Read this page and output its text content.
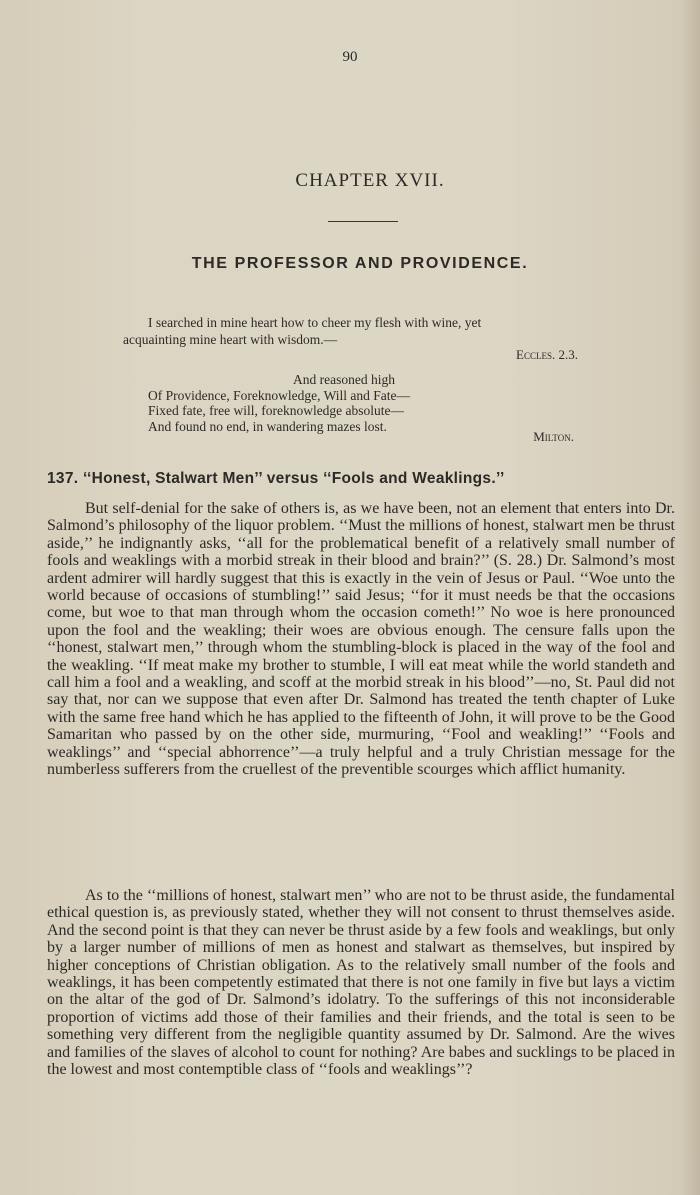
90
CHAPTER XVII.
THE PROFESSOR AND PROVIDENCE.
I searched in mine heart how to cheer my flesh with wine, yet
acquainting mine heart with wisdom.—
Eccles. 2.3.
And reasoned high
Of Providence, Foreknowledge, Will and Fate—
Fixed fate, free will, foreknowledge absolute—
And found no end, in wandering mazes lost.
Milton.
137. ‘‘Honest, Stalwart Men’’ versus ‘‘Fools and Weaklings.’’

But self-denial for the sake of others is, as we have been, not an element that enters into Dr. Salmond’s philosophy of the liquor problem. ‘‘Must the millions of honest, stalwart men be thrust aside,’’ he indignantly asks, ‘‘all for the problematical benefit of a relatively small number of fools and weaklings with a morbid streak in their blood and brain?’’ (S. 28.) Dr. Salmond’s most ardent admirer will hardly suggest that this is exactly in the vein of Jesus or Paul. ‘‘Woe unto the world because of occasions of stumbling!’’ said Jesus; ‘‘for it must needs be that the occasions come, but woe to that man through whom the occasion cometh!’’ No woe is here pronounced upon the fool and the weakling; their woes are obvious enough. The censure falls upon the ‘‘honest, stalwart men,’’ through whom the stumbling-block is placed in the way of the fool and the weakling. ‘‘If meat make my brother to stumble, I will eat meat while the world standeth and call him a fool and a weakling, and scoff at the morbid streak in his blood’’—no, St. Paul did not say that, nor can we suppose that even after Dr. Salmond has treated the tenth chapter of Luke with the same free hand which he has applied to the fifteenth of John, it will prove to be the Good Samaritan who passed by on the other side, murmuring, ‘‘Fool and weakling!’’ ‘‘Fools and weaklings’’ and ‘‘special abhorrence’’—a truly helpful and a truly Christian message for the numberless sufferers from the cruellest of the preventible scourges which afflict humanity.

As to the ‘‘millions of honest, stalwart men’’ who are not to be thrust aside, the fundamental ethical question is, as previously stated, whether they will not consent to thrust themselves aside. And the second point is that they can never be thrust aside by a few fools and weaklings, but only by a larger number of millions of men as honest and stalwart as themselves, but inspired by higher conceptions of Christian obligation. As to the relatively small number of the fools and weaklings, it has been competently estimated that there is not one family in five but lays a victim on the altar of the god of Dr. Salmond’s idolatry. To the sufferings of this not inconsiderable proportion of victims add those of their families and their friends, and the total is seen to be something very different from the negligible quantity assumed by Dr. Salmond. Are the wives and families of the slaves of alcohol to count for nothing? Are babes and sucklings to be placed in the lowest and most contemptible class of ‘‘fools and weaklings’’?
